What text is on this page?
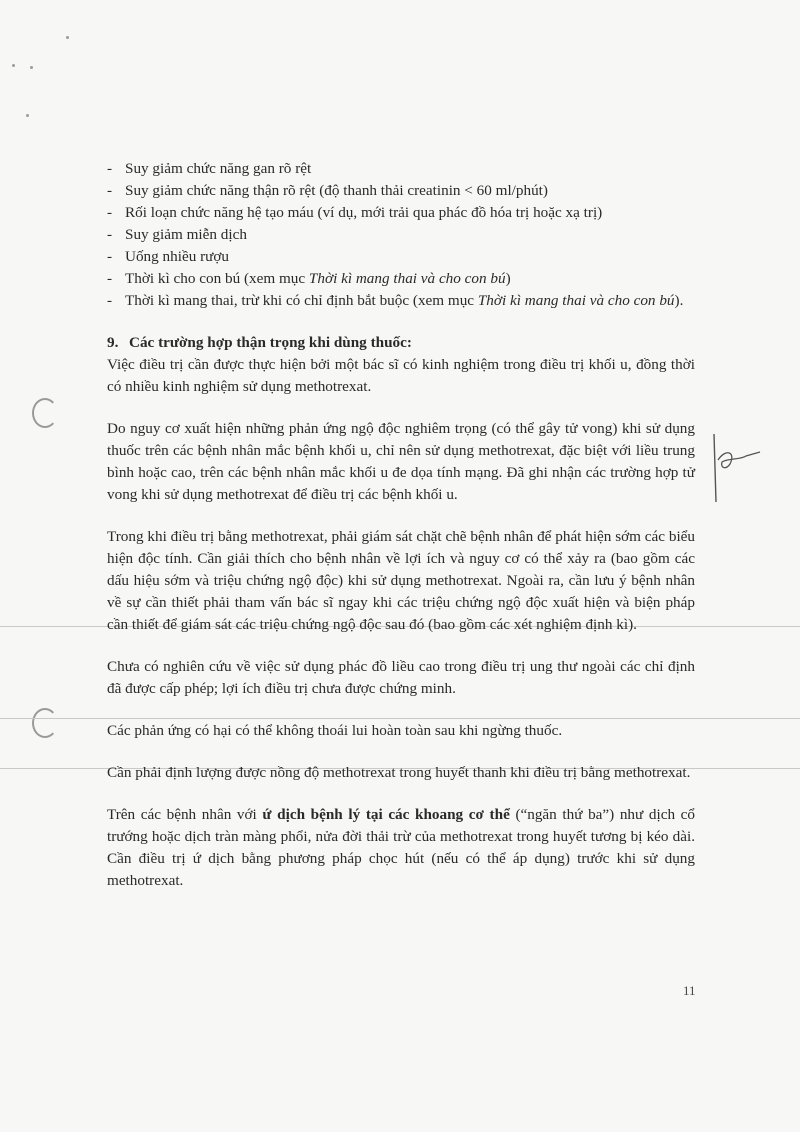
- Suy giảm chức năng gan rõ rệt
- Suy giảm chức năng thận rõ rệt (độ thanh thải creatinin < 60 ml/phút)
- Rối loạn chức năng hệ tạo máu (ví dụ, mới trải qua phác đồ hóa trị hoặc xạ trị)
- Suy giảm miễn dịch
- Uống nhiều rượu
- Thời kì cho con bú (xem mục Thời kì mang thai và cho con bú)
- Thời kì mang thai, trừ khi có chỉ định bắt buộc (xem mục Thời kì mang thai và cho con bú).
9. Các trường hợp thận trọng khi dùng thuốc:

Việc điều trị cần được thực hiện bởi một bác sĩ có kinh nghiệm trong điều trị khối u, đồng thời có nhiều kinh nghiệm sử dụng methotrexat.

Do nguy cơ xuất hiện những phản ứng ngộ độc nghiêm trọng (có thể gây tử vong) khi sử dụng thuốc trên các bệnh nhân mắc bệnh khối u, chỉ nên sử dụng methotrexat, đặc biệt với liều trung bình hoặc cao, trên các bệnh nhân mắc khối u đe dọa tính mạng. Đã ghi nhận các trường hợp tử vong khi sử dụng methotrexat để điều trị các bệnh khối u.

Trong khi điều trị bằng methotrexat, phải giám sát chặt chẽ bệnh nhân để phát hiện sớm các biểu hiện độc tính. Cần giải thích cho bệnh nhân về lợi ích và nguy cơ có thể xảy ra (bao gồm các dấu hiệu sớm và triệu chứng ngộ độc) khi sử dụng methotrexat. Ngoài ra, cần lưu ý bệnh nhân về sự cần thiết phải tham vấn bác sĩ ngay khi các triệu chứng ngộ độc xuất hiện và biện pháp cần thiết để giám sát các triệu chứng ngộ độc sau đó (bao gồm các xét nghiệm định kì).

Chưa có nghiên cứu về việc sử dụng phác đồ liều cao trong điều trị ung thư ngoài các chỉ định đã được cấp phép; lợi ích điều trị chưa được chứng minh.

Các phản ứng có hại có thể không thoái lui hoàn toàn sau khi ngừng thuốc.

Cần phải định lượng được nồng độ methotrexat trong huyết thanh khi điều trị bằng methotrexat.

Trên các bệnh nhân với ứ dịch bệnh lý tại các khoang cơ thể (“ngăn thứ ba”) như dịch cổ trướng hoặc dịch tràn màng phổi, nửa đời thải trừ của methotrexat trong huyết tương bị kéo dài. Cần điều trị ứ dịch bằng phương pháp chọc hút (nếu có thể áp dụng) trước khi sử dụng methotrexat.

11
